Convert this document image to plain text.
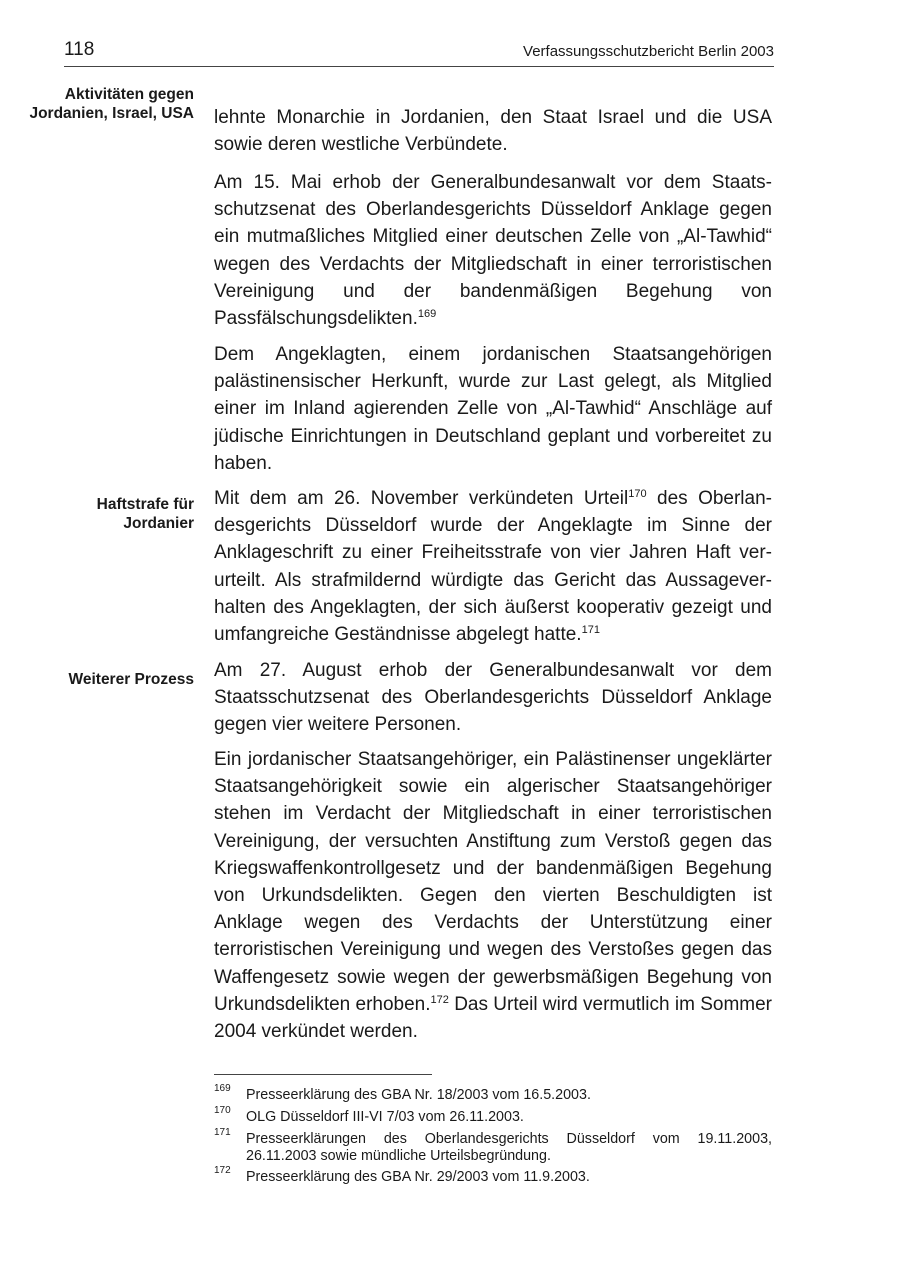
118	Verfassungsschutzbericht Berlin 2003
Aktivitäten gegen Jordanien, Israel, USA
Haftstrafe für Jordanier
Weiterer Prozess

lehnte Monarchie in Jordanien, den Staat Israel und die USA sowie deren westliche Verbündete.

Am 15. Mai erhob der Generalbundesanwalt vor dem Staatsschutzsenat des Oberlandesgerichts Düsseldorf Anklage gegen ein mutmaßliches Mitglied einer deutschen Zelle von „Al-Tawhid“ wegen des Verdachts der Mitgliedschaft in einer terroristischen Vereinigung und der bandenmäßigen Begehung von Passfälschungsdelikten.$^{169}$

Dem Angeklagten, einem jordanischen Staatsangehörigen palästinensischer Herkunft, wurde zur Last gelegt, als Mitglied einer im Inland agierenden Zelle von „Al-Tawhid“ Anschläge auf jüdische Einrichtungen in Deutschland geplant und vorbereitet zu haben.

Mit dem am 26. November verkündeten Urteil$^{170}$ des Oberlandesgerichts Düsseldorf wurde der Angeklagte im Sinne der Anklageschrift zu einer Freiheitsstrafe von vier Jahren Haft verurteilt. Als strafmildernd würdigte das Gericht das Aussageverhalten des Angeklagten, der sich äußerst kooperativ gezeigt und umfangreiche Geständnisse abgelegt hatte.$^{171}$

Am 27. August erhob der Generalbundesanwalt vor dem Staatsschutzsenat des Oberlandesgerichts Düsseldorf Anklage gegen vier weitere Personen.

Ein jordanischer Staatsangehöriger, ein Palästinenser ungeklärter Staatsangehörigkeit sowie ein algerischer Staatsangehöriger stehen im Verdacht der Mitgliedschaft in einer terroristischen Vereinigung, der versuchten Anstiftung zum Verstoß gegen das Kriegswaffenkontrollgesetz und der bandenmäßigen Begehung von Urkundsdelikten. Gegen den vierten Beschuldigten ist Anklage wegen des Verdachts der Unterstützung einer terroristischen Vereinigung und wegen des Verstoßes gegen das Waffengesetz sowie wegen der gewerbsmäßigen Begehung von Urkundsdelikten erhoben.$^{172}$ Das Urteil wird vermutlich im Sommer 2004 verkündet werden.

169 Presseerklärung des GBA Nr. 18/2003 vom 16.5.2003.
170 OLG Düsseldorf III-VI 7/03 vom 26.11.2003.
171 Presseerklärungen des Oberlandesgerichts Düsseldorf vom 19.11.2003, 26.11.2003 sowie mündliche Urteilsbegründung.
172 Presseerklärung des GBA Nr. 29/2003 vom 11.9.2003.
